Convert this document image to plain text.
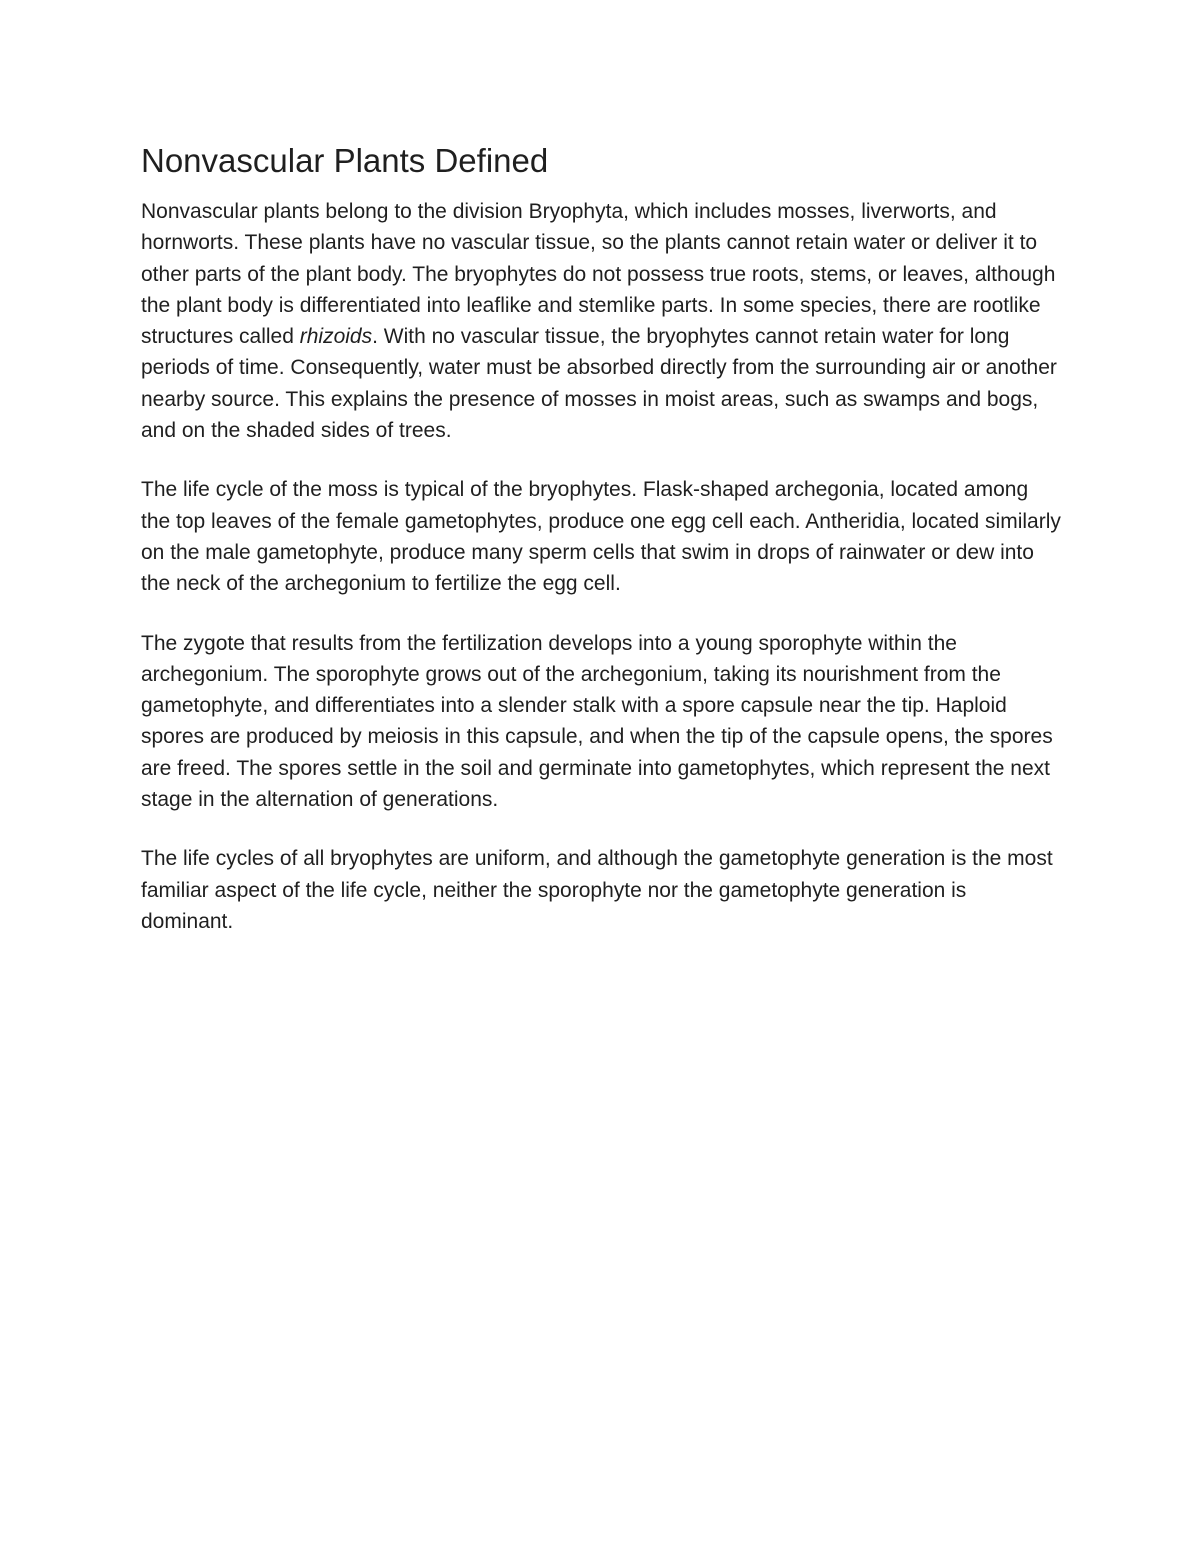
Nonvascular Plants Defined

Nonvascular plants belong to the division Bryophyta, which includes mosses, liverworts, and hornworts. These plants have no vascular tissue, so the plants cannot retain water or deliver it to other parts of the plant body. The bryophytes do not possess true roots, stems, or leaves, although the plant body is differentiated into leaflike and stemlike parts. In some species, there are rootlike structures called rhizoids. With no vascular tissue, the bryophytes cannot retain water for long periods of time. Consequently, water must be absorbed directly from the surrounding air or another nearby source. This explains the presence of mosses in moist areas, such as swamps and bogs, and on the shaded sides of trees.

The life cycle of the moss is typical of the bryophytes. Flask-shaped archegonia, located among the top leaves of the female gametophytes, produce one egg cell each. Antheridia, located similarly on the male gametophyte, produce many sperm cells that swim in drops of rainwater or dew into the neck of the archegonium to fertilize the egg cell.

The zygote that results from the fertilization develops into a young sporophyte within the archegonium. The sporophyte grows out of the archegonium, taking its nourishment from the gametophyte, and differentiates into a slender stalk with a spore capsule near the tip. Haploid spores are produced by meiosis in this capsule, and when the tip of the capsule opens, the spores are freed. The spores settle in the soil and germinate into gametophytes, which represent the next stage in the alternation of generations.

The life cycles of all bryophytes are uniform, and although the gametophyte generation is the most familiar aspect of the life cycle, neither the sporophyte nor the gametophyte generation is dominant.
